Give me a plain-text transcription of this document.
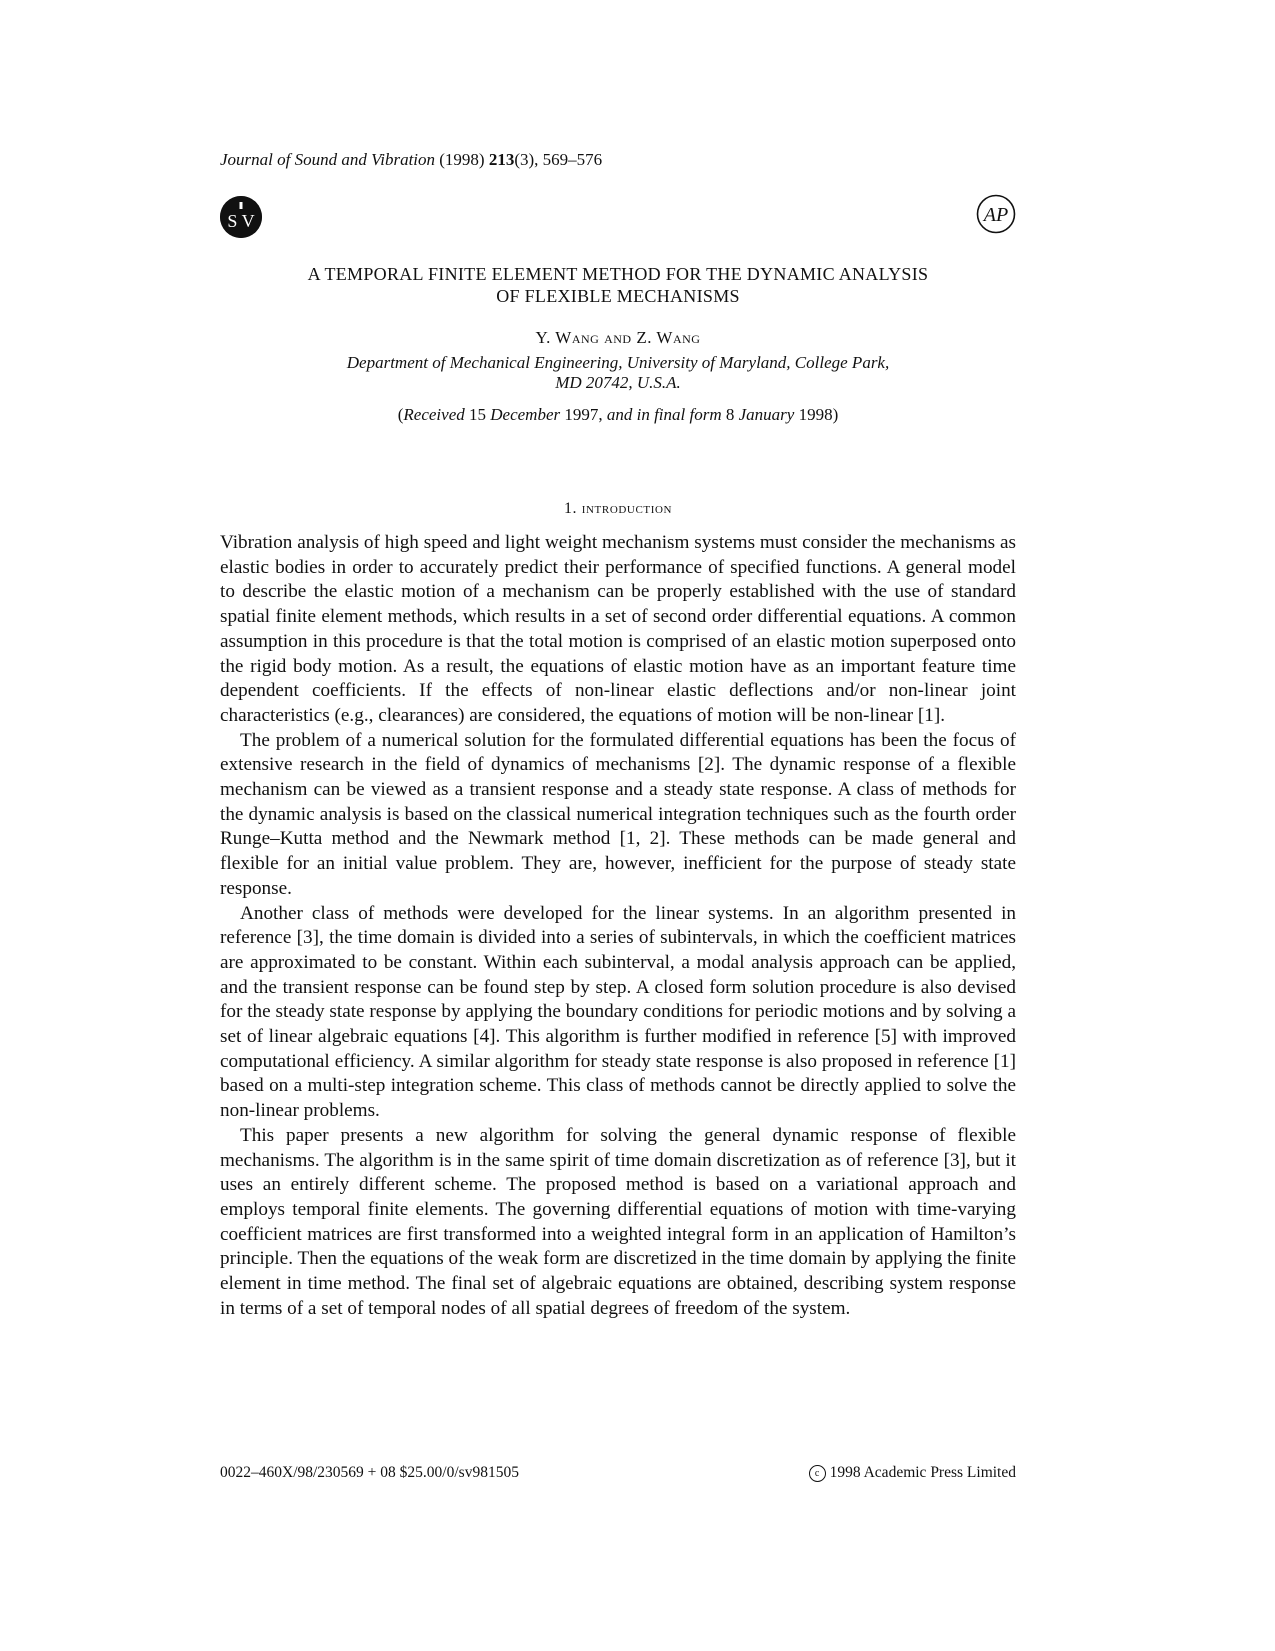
Journal of Sound and Vibration (1998) 213(3), 569–576
S V	AP
A TEMPORAL FINITE ELEMENT METHOD FOR THE DYNAMIC ANALYSIS
OF FLEXIBLE MECHANISMS
Y. Wang and Z. Wang
Department of Mechanical Engineering, University of Maryland, College Park,
MD 20742, U.S.A.
(Received 15 December 1997, and in final form 8 January 1998)
1. introduction

Vibration analysis of high speed and light weight mechanism systems must consider the mechanisms as elastic bodies in order to accurately predict their performance of specified functions. A general model to describe the elastic motion of a mechanism can be properly established with the use of standard spatial finite element methods, which results in a set of second order differential equations. A common assumption in this procedure is that the total motion is comprised of an elastic motion superposed onto the rigid body motion. As a result, the equations of elastic motion have as an important feature time dependent coefficients. If the effects of non-linear elastic deflections and/or non-linear joint characteristics (e.g., clearances) are considered, the equations of motion will be non-linear [1].

The problem of a numerical solution for the formulated differential equations has been the focus of extensive research in the field of dynamics of mechanisms [2]. The dynamic response of a flexible mechanism can be viewed as a transient response and a steady state response. A class of methods for the dynamic analysis is based on the classical numerical integration techniques such as the fourth order Runge–Kutta method and the Newmark method [1, 2]. These methods can be made general and flexible for an initial value problem. They are, however, inefficient for the purpose of steady state response.

Another class of methods were developed for the linear systems. In an algorithm presented in reference [3], the time domain is divided into a series of subintervals, in which the coefficient matrices are approximated to be constant. Within each subinterval, a modal analysis approach can be applied, and the transient response can be found step by step. A closed form solution procedure is also devised for the steady state response by applying the boundary conditions for periodic motions and by solving a set of linear algebraic equations [4]. This algorithm is further modified in reference [5] with improved computational efficiency. A similar algorithm for steady state response is also proposed in reference [1] based on a multi-step integration scheme. This class of methods cannot be directly applied to solve the non-linear problems.

This paper presents a new algorithm for solving the general dynamic response of flexible mechanisms. The algorithm is in the same spirit of time domain discretization as of reference [3], but it uses an entirely different scheme. The proposed method is based on a variational approach and employs temporal finite elements. The governing differential equations of motion with time-varying coefficient matrices are first transformed into a weighted integral form in an application of Hamilton’s principle. Then the equations of the weak form are discretized in the time domain by applying the finite element in time method. The final set of algebraic equations are obtained, describing system response in terms of a set of temporal nodes of all spatial degrees of freedom of the system.

0022–460X/98/230569 + 08 $25.00/0/sv981505	c 1998 Academic Press Limited
